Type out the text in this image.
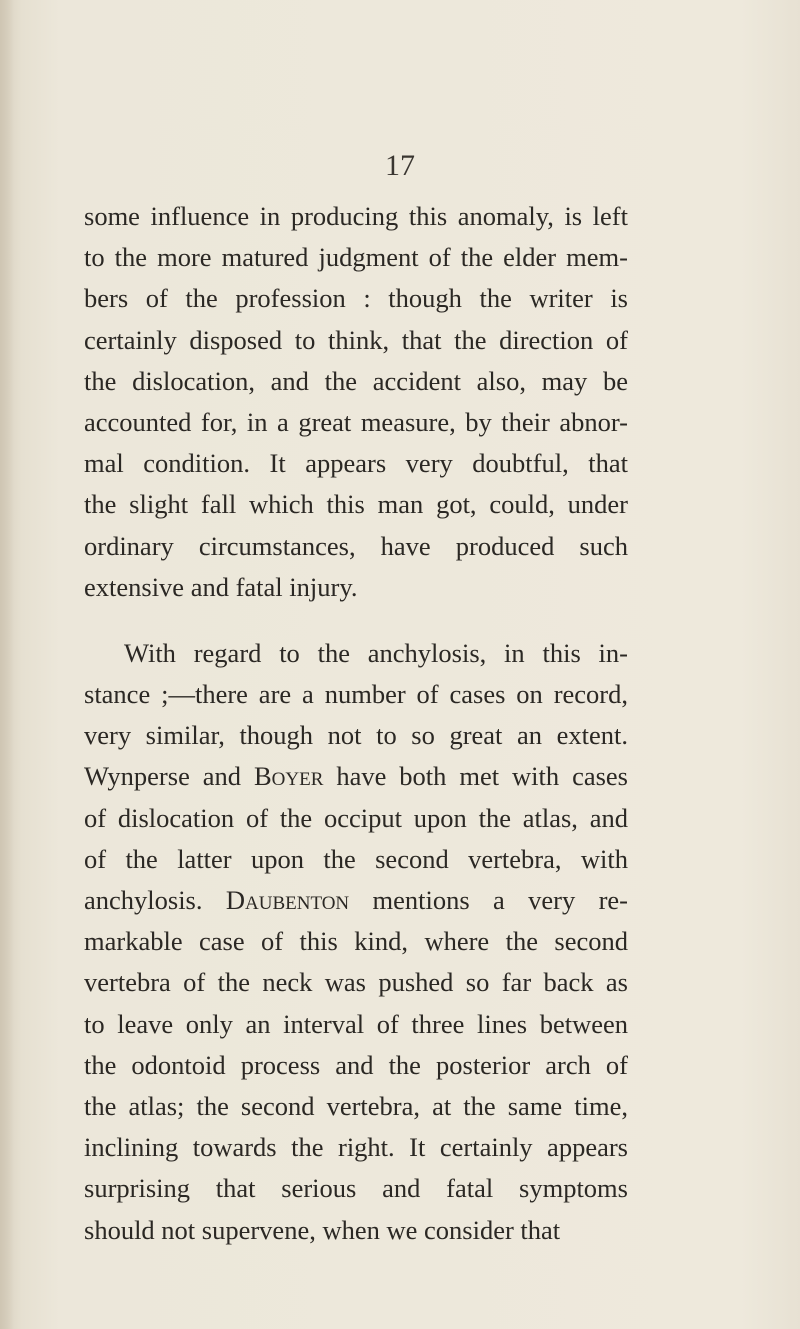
17

some influence in producing this anomaly, is left
to the more matured judgment of the elder mem-
bers of the profession : though the writer is
certainly disposed to think, that the direction of
the dislocation, and the accident also, may be
accounted for, in a great measure, by their abnor-
mal condition. It appears very doubtful, that
the slight fall which this man got, could, under
ordinary circumstances, have produced such
extensive and fatal injury.

With regard to the anchylosis, in this in-
stance ;—there are a number of cases on record,
very similar, though not to so great an extent.
Wynperse and Boyer have both met with cases
of dislocation of the occiput upon the atlas, and
of the latter upon the second vertebra, with
anchylosis. Daubenton mentions a very re-
markable case of this kind, where the second
vertebra of the neck was pushed so far back as
to leave only an interval of three lines between
the odontoid process and the posterior arch of
the atlas; the second vertebra, at the same time,
inclining towards the right. It certainly appears
surprising that serious and fatal symptoms
should not supervene, when we consider that
